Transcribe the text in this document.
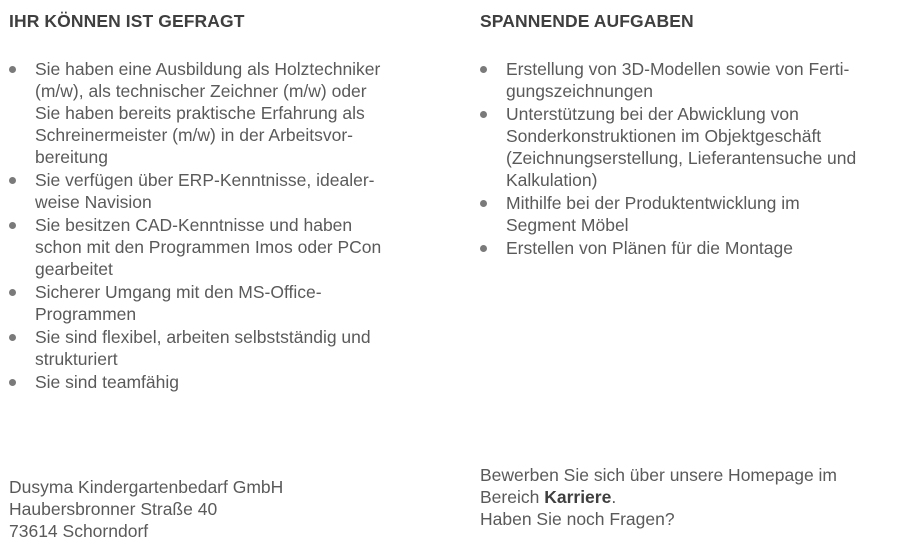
IHR KÖNNEN IST GEFRAGT
Sie haben eine Ausbildung als Holztechniker
(m/w), als technischer Zeichner (m/w) oder
Sie haben bereits praktische Erfahrung als
Schreinermeister (m/w) in der Arbeitsvor-
bereitung
Sie verfügen über ERP-Kenntnisse, idealer-
weise Navision
Sie besitzen CAD-Kenntnisse und haben
schon mit den Programmen Imos oder PCon
gearbeitet
Sicherer Umgang mit den MS-Office-
Programmen
Sie sind flexibel, arbeiten selbstständig und
strukturiert
Sie sind teamfähig
Dusyma Kindergartenbedarf GmbH
Haubersbronner Straße 40
73614 Schorndorf
SPANNENDE AUFGABEN
Erstellung von 3D-Modellen sowie von Ferti-
gungszeichnungen
Unterstützung bei der Abwicklung von
Sonderkonstruktionen im Objektgeschäft
(Zeichnungserstellung, Lieferantensuche und
Kalkulation)
Mithilfe bei der Produktentwicklung im
Segment Möbel
Erstellen von Plänen für die Montage
Bewerben Sie sich über unsere Homepage im
Bereich Karriere.
Haben Sie noch Fragen?
